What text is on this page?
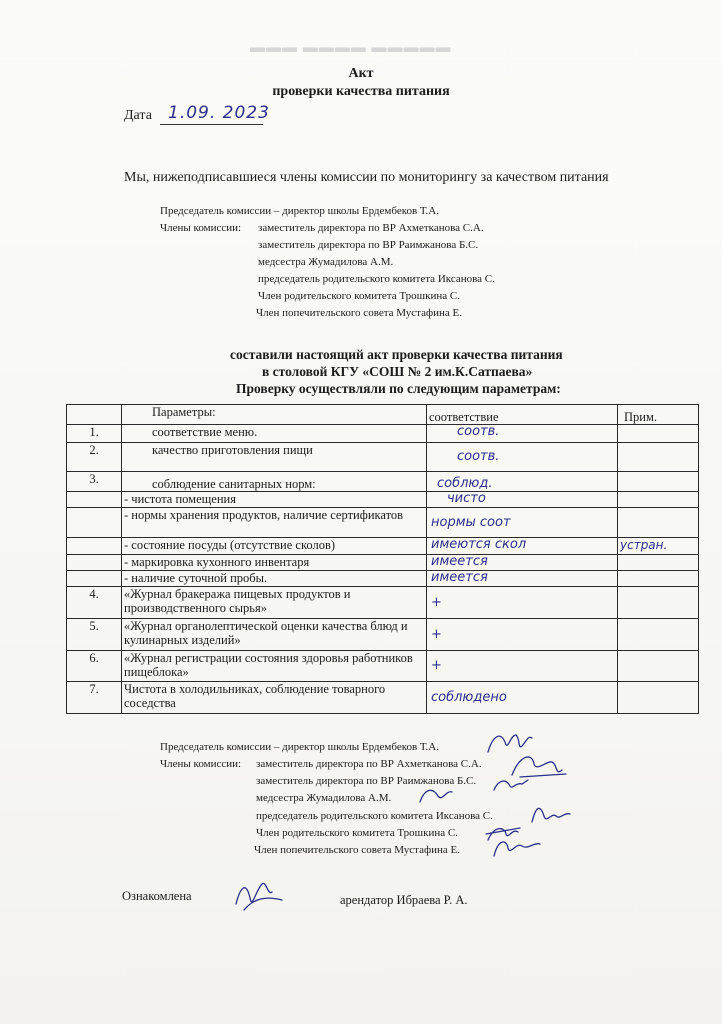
▬▬▬ ▬▬▬▬ ▬▬▬▬▬
Акт
проверки качества питания
Дата 1.09. 2023
Мы, нижеподписавшиеся члены комиссии по мониторингу за качеством питания
Председатель комиссии – директор школы Ердембеков Т.А.
Члены комиссии: заместитель директора по ВР Ахметканова С.А.
заместитель директора по ВР Раимжанова Б.С.
медсестра Жумадилова А.М.
председатель родительского комитета Иксанова С.
Член родительского комитета Трошкина С.
Член попечительского совета Мустафина Е.
составили настоящий акт проверки качества питания
в столовой КГУ «СОШ № 2 им.К.Сатпаева»
Проверку осуществляли по следующим параметрам:
	Параметры:	соответствие	Прим.
1.	соответствие меню.	соотв.	
2.	качество приготовления пищи	соотв.	
3.	соблюдение санитарных норм:	соблюд.	
	- чистота помещения	чисто	
	- нормы хранения продуктов, наличие сертификатов	нормы соот	
	- состояние посуды (отсутствие сколов)	имеются скол	устран.
	- маркировка кухонного инвентаря	имеется	
	- наличие суточной пробы.	имеется	
4.	«Журнал бракеража пищевых продуктов и производственного сырья»	+	
5.	«Журнал органолептической оценки качества блюд и кулинарных изделий»	+	
6.	«Журнал регистрации состояния здоровья работников пищеблока»	+	
7.	Чистота в холодильниках, соблюдение товарного соседства	соблюдено	
Председатель комиссии – директор школы Ердембеков Т.А.
Члены комиссии: заместитель директора по ВР Ахметканова С.А.
заместитель директора по ВР Раимжанова Б.С.
медсестра Жумадилова А.М.
председатель родительского комитета Иксанова С.
Член родительского комитета Трошкина С.
Член попечительского совета Мустафина Е.
Ознакомлена	арендатор Ибраева Р. А.
